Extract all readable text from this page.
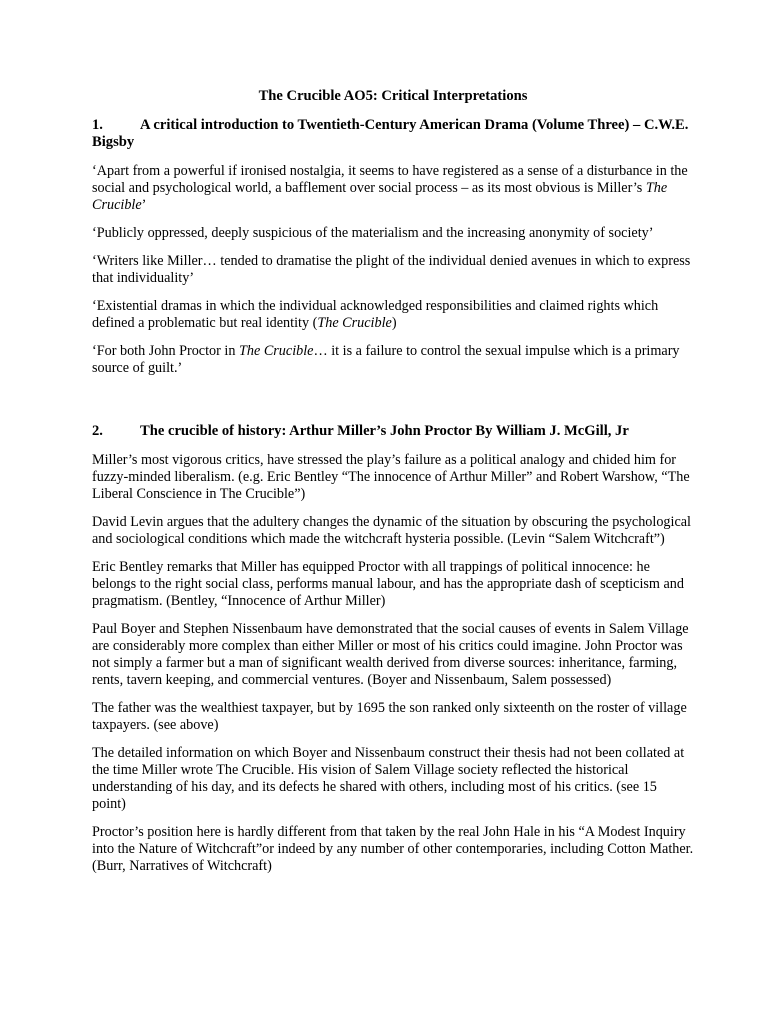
The Crucible AO5: Critical Interpretations
1.	A critical introduction to Twentieth-Century American Drama (Volume Three) – C.W.E. Bigsby

‘Apart from a powerful if ironised nostalgia, it seems to have registered as a sense of a disturbance in the social and psychological world, a bafflement over social process – as its most obvious is Miller’s The Crucible’

‘Publicly oppressed, deeply suspicious of the materialism and the increasing anonymity of society’

‘Writers like Miller… tended to dramatise the plight of the individual denied avenues in which to express that individuality’

‘Existential dramas in which the individual acknowledged responsibilities and claimed rights which defined a problematic but real identity (The Crucible)

‘For both John Proctor in The Crucible… it is a failure to control the sexual impulse which is a primary source of guilt.’

2.	The crucible of history: Arthur Miller’s John Proctor By William J. McGill, Jr

Miller’s most vigorous critics, have stressed the play’s failure as a political analogy and chided him for fuzzy-minded liberalism. (e.g. Eric Bentley “The innocence of Arthur Miller” and Robert Warshow, “The Liberal Conscience in The Crucible”)

David Levin argues that the adultery changes the dynamic of the situation by obscuring the psychological and sociological conditions which made the witchcraft hysteria possible. (Levin “Salem Witchcraft”)

Eric Bentley remarks that Miller has equipped Proctor with all trappings of political innocence: he belongs to the right social class, performs manual labour, and has the appropriate dash of scepticism and pragmatism. (Bentley, “Innocence of Arthur Miller)

Paul Boyer and Stephen Nissenbaum have demonstrated that the social causes of events in Salem Village are considerably more complex than either Miller or most of his critics could imagine. John Proctor was not simply a farmer but a man of significant wealth derived from diverse sources: inheritance, farming, rents, tavern keeping, and commercial ventures. (Boyer and Nissenbaum, Salem possessed)

The father was the wealthiest taxpayer, but by 1695 the son ranked only sixteenth on the roster of village taxpayers. (see above)

The detailed information on which Boyer and Nissenbaum construct their thesis had not been collated at the time Miller wrote The Crucible. His vision of Salem Village society reflected the historical understanding of his day, and its defects he shared with others, including most of his critics. (see 15 point)

Proctor’s position here is hardly different from that taken by the real John Hale in his “A Modest Inquiry into the Nature of Witchcraft”or indeed by any number of other contemporaries, including Cotton Mather. (Burr, Narratives of Witchcraft)
